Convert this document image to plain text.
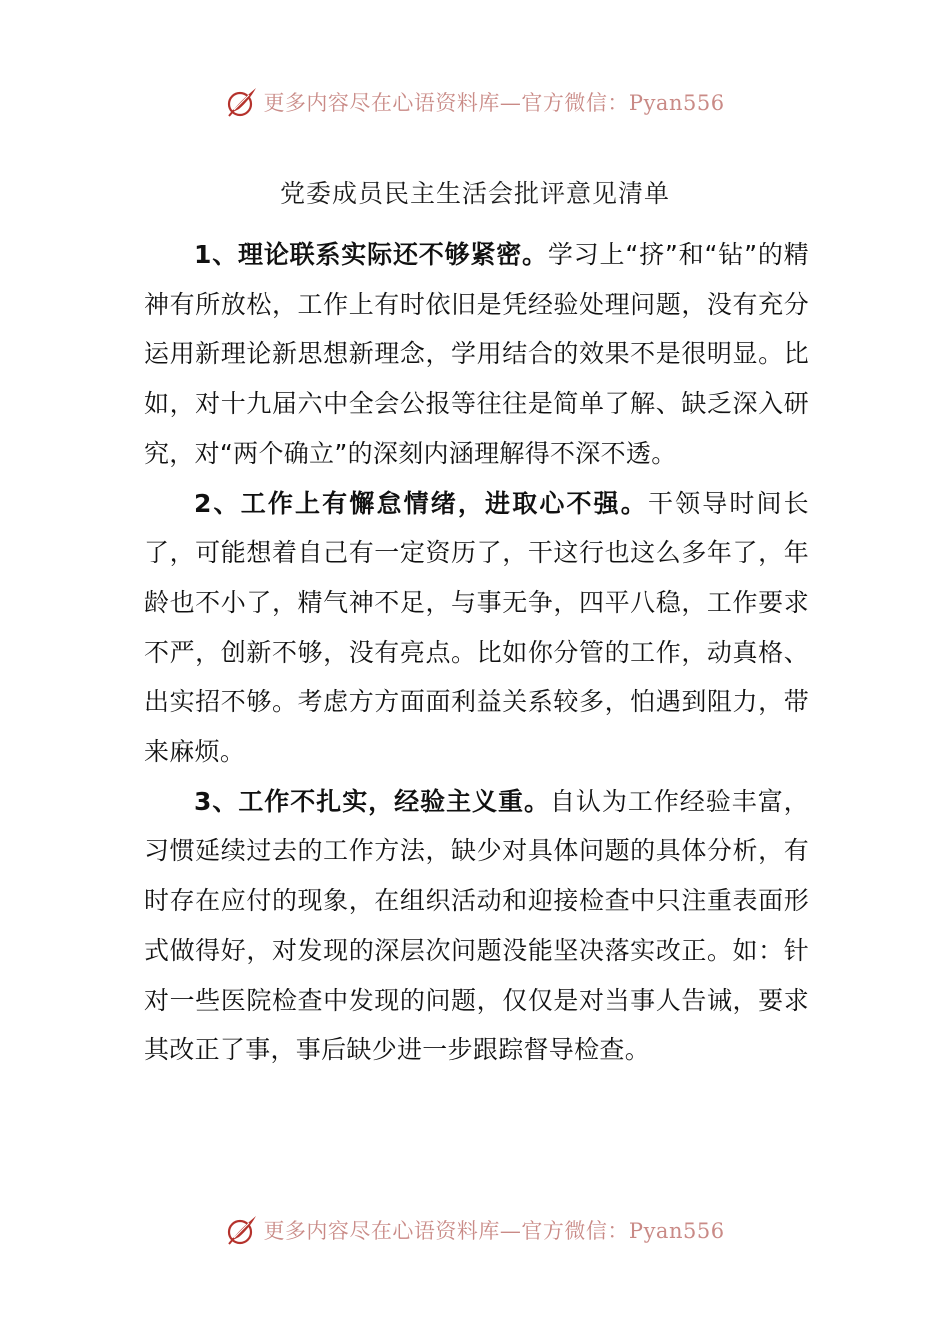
更多内容尽在心语资料库—官方微信：Pyan556
党委成员民主生活会批评意见清单

1、理论联系实际还不够紧密。学习上“挤”和“钻”的精神有所放松，工作上有时依旧是凭经验处理问题，没有充分运用新理论新思想新理念，学用结合的效果不是很明显。比如，对十九届六中全会公报等往往是简单了解、缺乏深入研究，对“两个确立”的深刻内涵理解得不深不透。

2、工作上有懈怠情绪，进取心不强。干领导时间长了，可能想着自己有一定资历了，干这行也这么多年了，年龄也不小了，精气神不足，与事无争，四平八稳，工作要求不严，创新不够，没有亮点。比如你分管的工作，动真格、出实招不够。考虑方方面面利益关系较多，怕遇到阻力，带来麻烦。

3、工作不扎实，经验主义重。自认为工作经验丰富，习惯延续过去的工作方法，缺少对具体问题的具体分析，有时存在应付的现象，在组织活动和迎接检查中只注重表面形式做得好，对发现的深层次问题没能坚决落实改正。如：针对一些医院检查中发现的问题，仅仅是对当事人告诫，要求其改正了事，事后缺少进一步跟踪督导检查。

更多内容尽在心语资料库—官方微信：Pyan556
